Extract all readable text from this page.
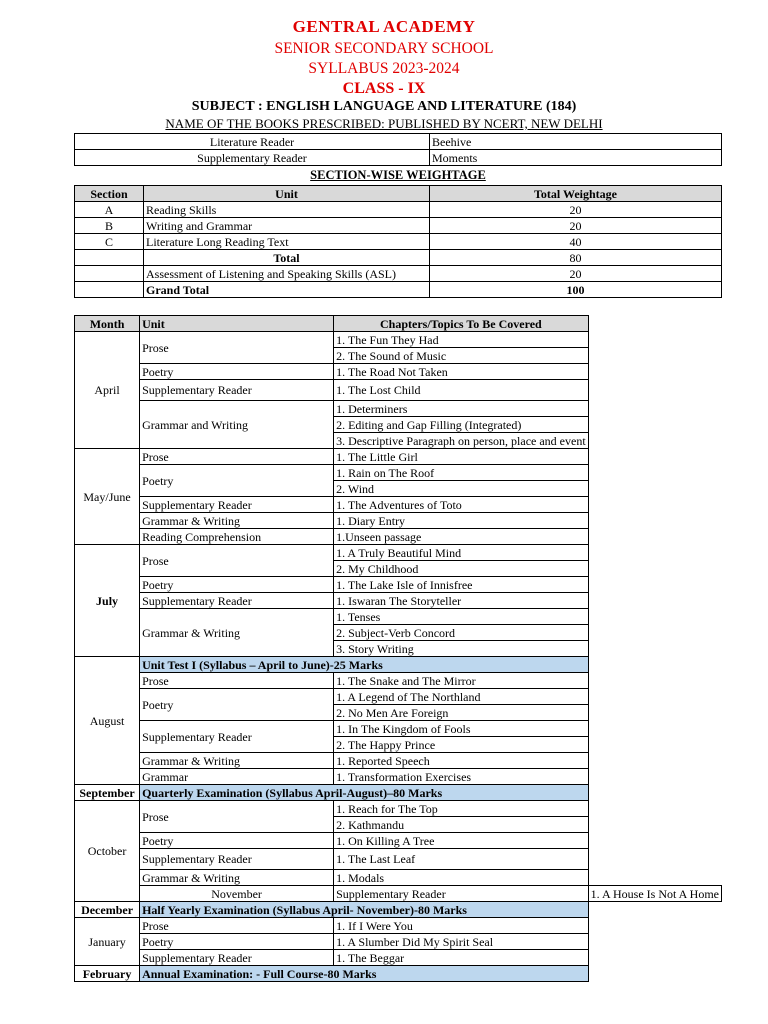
GENTRAL ACADEMY
SENIOR SECONDARY SCHOOL
SYLLABUS 2023-2024
CLASS - IX
SUBJECT : ENGLISH LANGUAGE AND LITERATURE (184)
NAME OF THE BOOKS PRESCRIBED: PUBLISHED BY NCERT, NEW DELHI
Literature Reader	Beehive
Supplementary Reader	Moments
SECTION-WISE WEIGHTAGE
Section	Unit	Total Weightage
A	Reading Skills	20
B	Writing and Grammar	20
C	Literature Long Reading Text	40
	Total	80
	Assessment of Listening and Speaking Skills (ASL)	20
	Grand Total	100
Month	Unit	Chapters/Topics To Be Covered	
April	Prose	1. The Fun They Had	
		2. The Sound of Music	
	Poetry	1. The Road Not Taken	
	Supplementary Reader	1. The Lost Child	
	Grammar and Writing	1. Determiners	
		2. Editing and Gap Filling (Integrated)	
		3. Descriptive Paragraph on person, place and event	
May/June	Prose	1. The Little Girl	
	Poetry	1. Rain on The Roof	
		2. Wind	
	Supplementary Reader	1. The Adventures of Toto	
	Grammar & Writing	1. Diary Entry	
	Reading Comprehension	1.Unseen passage	
July	Prose	1. A Truly Beautiful Mind	
		2. My Childhood	
	Poetry	1. The Lake Isle of Innisfree	
	Supplementary Reader	1. Iswaran The Storyteller	
	Grammar & Writing	1. Tenses	
		2. Subject-Verb Concord	
		3. Story Writing	
August	Unit Test I (Syllabus – April to June)-25 Marks		
	Prose	1. The Snake and The Mirror	
	Poetry	1. A Legend of The Northland	
		2. No Men Are Foreign	
	Supplementary Reader	1. In The Kingdom of Fools	
		2. The Happy Prince	
	Grammar & Writing	1. Reported Speech	
	Grammar	1. Transformation Exercises	
September	Quarterly Examination (Syllabus April-August)–80 Marks		
October	Prose	1. Reach for The Top	
		2. Kathmandu	
	Poetry	1. On Killing A Tree	
	Supplementary Reader	1. The Last Leaf	
	Grammar & Writing	1. Modals	
	November	Supplementary Reader	1. A House Is Not A Home
December	Half Yearly Examination (Syllabus April- November)-80 Marks		
January	Prose	1. If I Were You	
	Poetry	1. A Slumber Did My Spirit Seal	
	Supplementary Reader	1. The Beggar	
February	Annual Examination: - Full Course-80 Marks		
